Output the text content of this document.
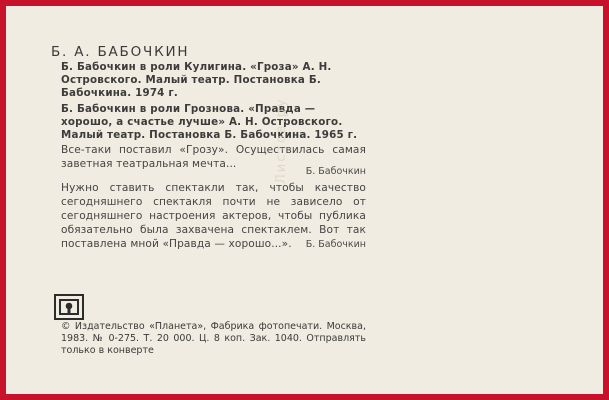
Б. А. БАБОЧКИН
Б. Бабочкин в роли Кулигина. «Гроза» А. Н. Островского. Малый театр. Постановка Б. Бабочкина. 1974 г.
Б. Бабочкин в роли Грознова. «Правда — хорошо, а счастье лучше» А. Н. Островского. Малый театр. Постановка Б. Бабочкина. 1965 г.
Все-таки поставил «Грозу». Осуществилась самая заветная театральная мечта...
Б. Бабочкин
Нужно ставить спектакли так, чтобы качество сегодняшнего спектакля почти не зависело от сегодняшнего настроения актеров, чтобы публика обязательно была захвачена спектаклем. Вот так поставлена мной «Правда — хорошо...».	Б. Бабочкин
Листов.ру
© Издательство «Планета», Фабрика фотопечати. Москва, 1983. № 0-275. Т. 20 000. Ц. 8 коп. Зак. 1040. Отправлять только в конверте
